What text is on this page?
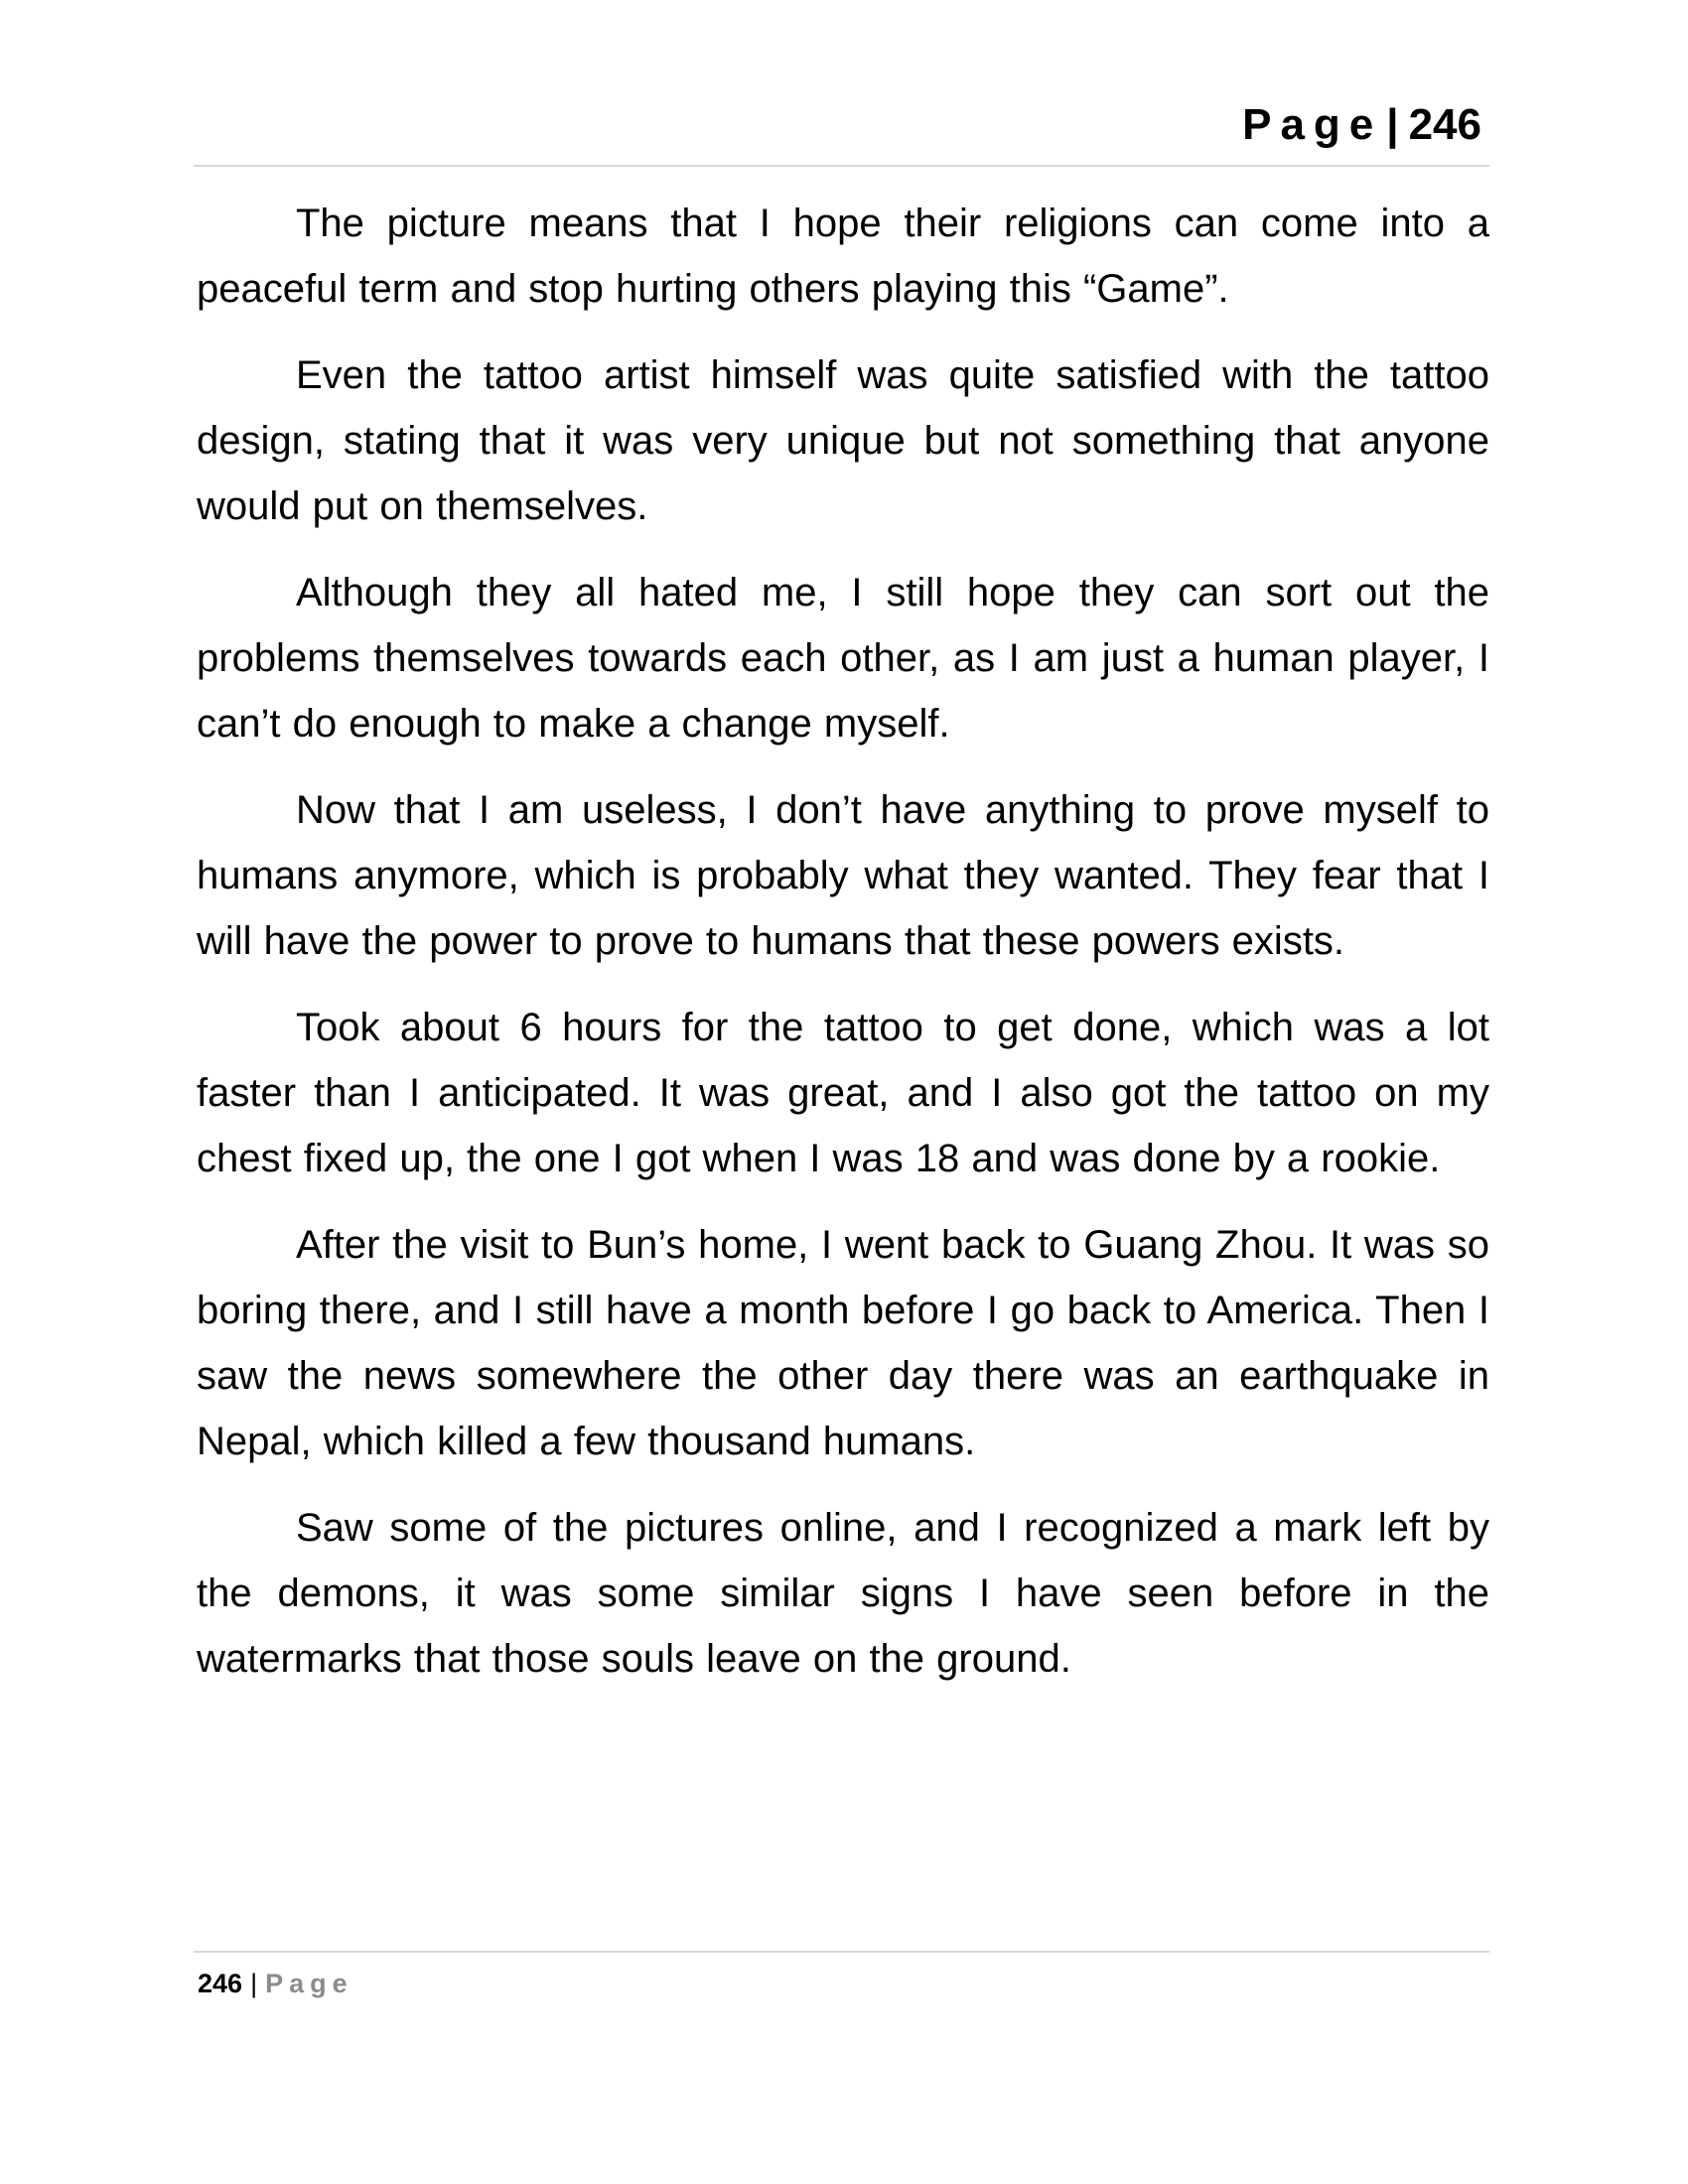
Page| 246

The picture means that I hope their religions can come into a peaceful term and stop hurting others playing this “Game”.

Even the tattoo artist himself was quite satisfied with the tattoo design, stating that it was very unique but not something that anyone would put on themselves.

Although they all hated me, I still hope they can sort out the problems themselves towards each other, as I am just a human player, I can’t do enough to make a change myself.

Now that I am useless, I don’t have anything to prove myself to humans anymore, which is probably what they wanted. They fear that I will have the power to prove to humans that these powers exists.

Took about 6 hours for the tattoo to get done, which was a lot faster than I anticipated. It was great, and I also got the tattoo on my chest fixed up, the one I got when I was 18 and was done by a rookie.

After the visit to Bun’s home, I went back to Guang Zhou. It was so boring there, and I still have a month before I go back to America. Then I saw the news somewhere the other day there was an earthquake in Nepal, which killed a few thousand humans.

Saw some of the pictures online, and I recognized a mark left by the demons, it was some similar signs I have seen before in the watermarks that those souls leave on the ground.

246 | Page
